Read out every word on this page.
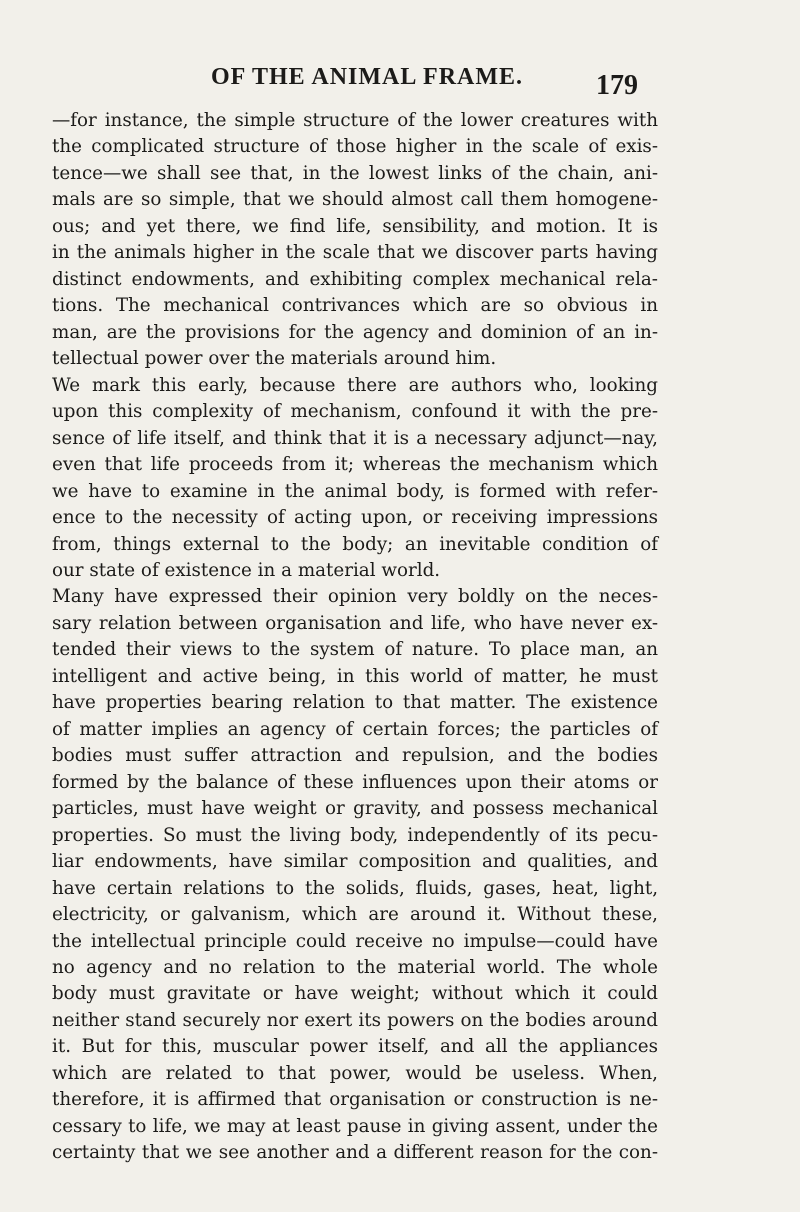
OF THE ANIMAL FRAME.	179
—for instance, the simple structure of the lower creatures with
the complicated structure of those higher in the scale of exis-
tence—we shall see that, in the lowest links of the chain, ani-
mals are so simple, that we should almost call them homogene-
ous; and yet there, we find life, sensibility, and motion. It is
in the animals higher in the scale that we discover parts having
distinct endowments, and exhibiting complex mechanical rela-
tions. The mechanical contrivances which are so obvious in
man, are the provisions for the agency and dominion of an in-
tellectual power over the materials around him.
We mark this early, because there are authors who, looking
upon this complexity of mechanism, confound it with the pre-
sence of life itself, and think that it is a necessary adjunct—nay,
even that life proceeds from it; whereas the mechanism which
we have to examine in the animal body, is formed with refer-
ence to the necessity of acting upon, or receiving impressions
from, things external to the body; an inevitable condition of
our state of existence in a material world.
Many have expressed their opinion very boldly on the neces-
sary relation between organisation and life, who have never ex-
tended their views to the system of nature. To place man, an
intelligent and active being, in this world of matter, he must
have properties bearing relation to that matter. The existence
of matter implies an agency of certain forces; the particles of
bodies must suffer attraction and repulsion, and the bodies
formed by the balance of these influences upon their atoms or
particles, must have weight or gravity, and possess mechanical
properties. So must the living body, independently of its pecu-
liar endowments, have similar composition and qualities, and
have certain relations to the solids, fluids, gases, heat, light,
electricity, or galvanism, which are around it. Without these,
the intellectual principle could receive no impulse—could have
no agency and no relation to the material world. The whole
body must gravitate or have weight; without which it could
neither stand securely nor exert its powers on the bodies around
it. But for this, muscular power itself, and all the appliances
which are related to that power, would be useless. When,
therefore, it is affirmed that organisation or construction is ne-
cessary to life, we may at least pause in giving assent, under the
certainty that we see another and a different reason for the con-
